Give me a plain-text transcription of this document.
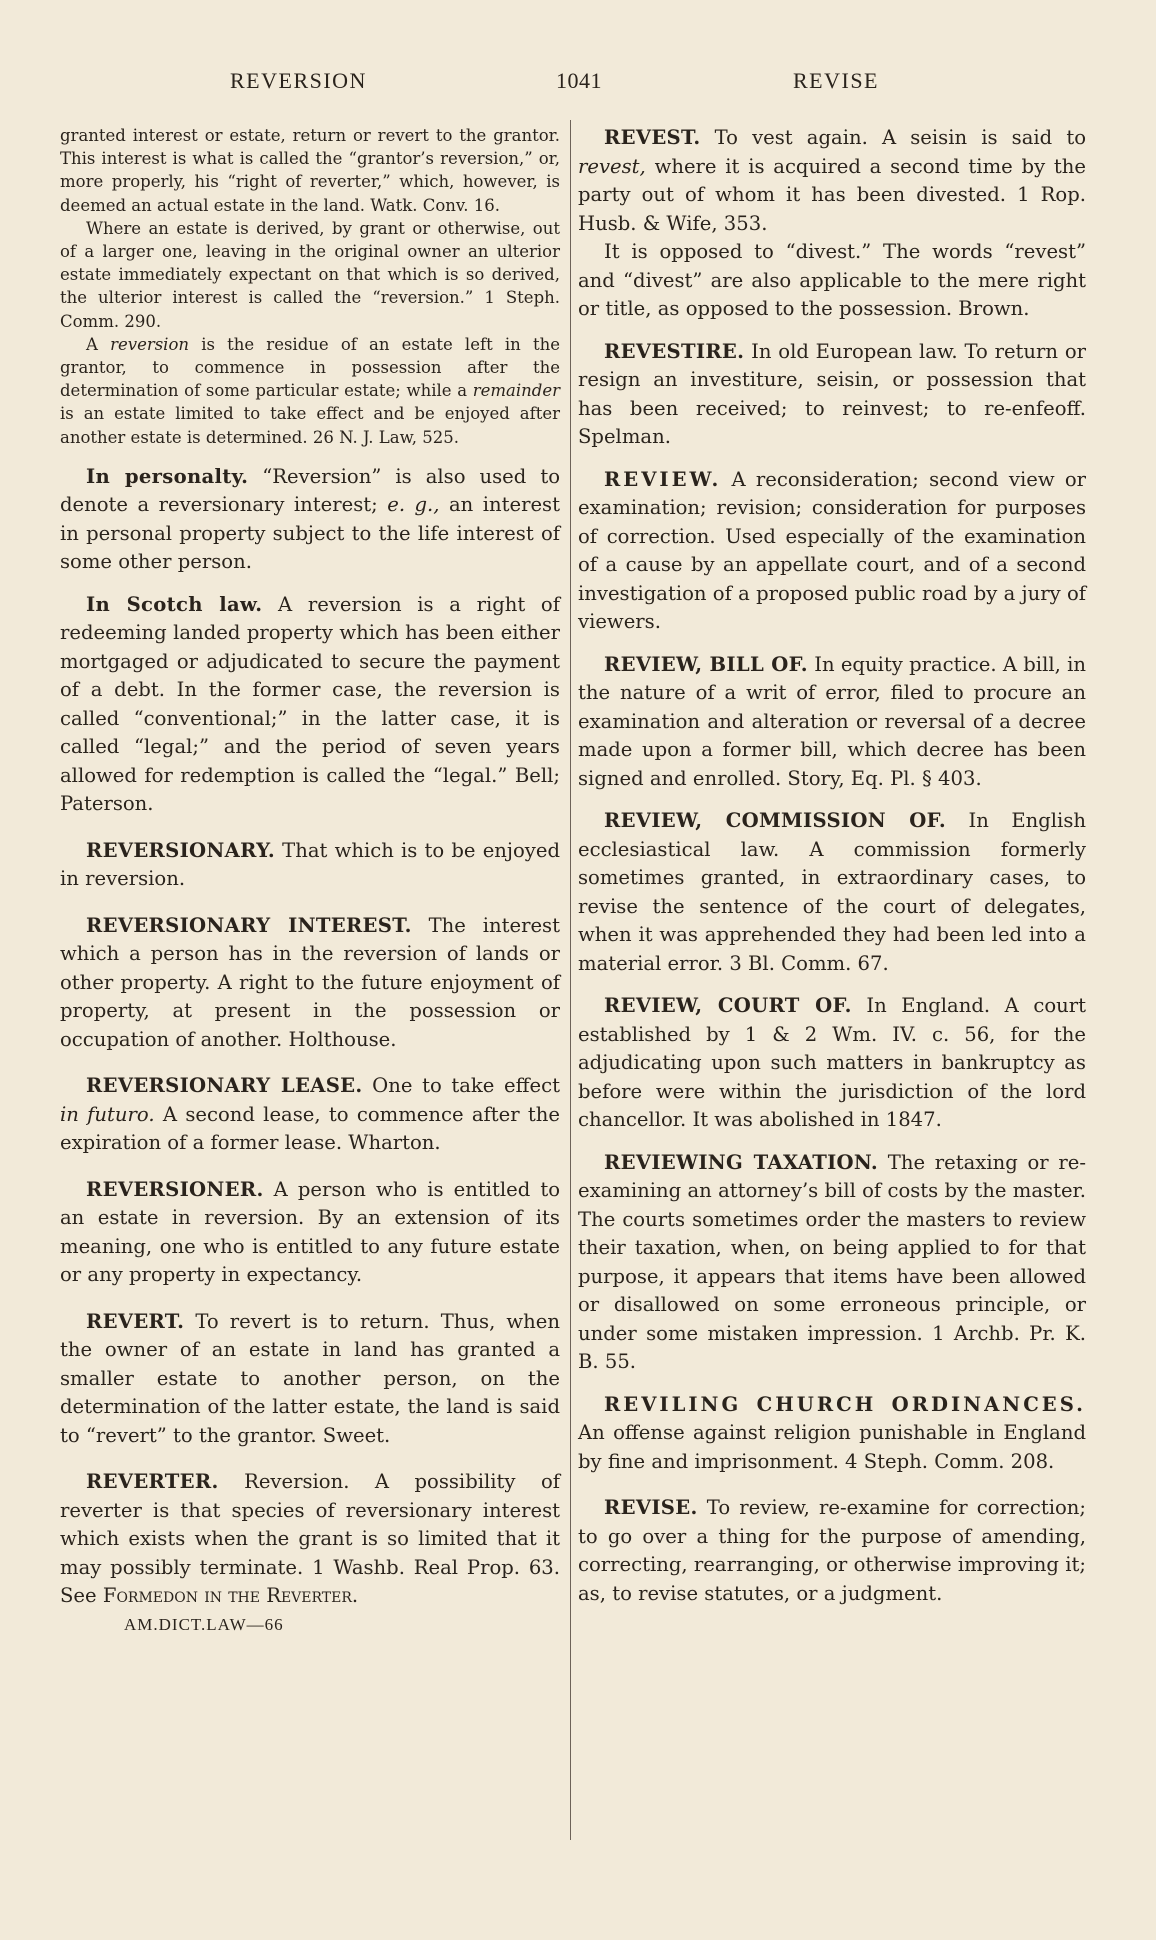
REVERSION	1041	REVISE

granted interest or estate, return or revert to the grantor. This interest is what is called the “grantor’s reversion,” or, more properly, his “right of reverter,” which, however, is deemed an actual estate in the land. Watk. Conv. 16.

Where an estate is derived, by grant or otherwise, out of a larger one, leaving in the original owner an ulterior estate immediately expectant on that which is so derived, the ulterior interest is called the “reversion.” 1 Steph. Comm. 290.

A reversion is the residue of an estate left in the grantor, to commence in possession after the determination of some particular estate; while a remainder is an estate limited to take effect and be enjoyed after another estate is determined. 26 N. J. Law, 525.

In personalty. “Reversion” is also used to denote a reversionary interest; e. g., an interest in personal property subject to the life interest of some other person.

In Scotch law. A reversion is a right of redeeming landed property which has been either mortgaged or adjudicated to secure the payment of a debt. In the former case, the reversion is called “conventional;” in the latter case, it is called “legal;” and the period of seven years allowed for redemption is called the “legal.” Bell; Paterson.

REVERSIONARY. That which is to be enjoyed in reversion.

REVERSIONARY INTEREST. The interest which a person has in the reversion of lands or other property. A right to the future enjoyment of property, at present in the possession or occupation of another. Holthouse.

REVERSIONARY LEASE. One to take effect in futuro. A second lease, to commence after the expiration of a former lease. Wharton.

REVERSIONER. A person who is entitled to an estate in reversion. By an extension of its meaning, one who is entitled to any future estate or any property in expectancy.

REVERT. To revert is to return. Thus, when the owner of an estate in land has granted a smaller estate to another person, on the determination of the latter estate, the land is said to “revert” to the grantor. Sweet.

REVERTER. Reversion. A possibility of reverter is that species of reversionary interest which exists when the grant is so limited that it may possibly terminate. 1 Washb. Real Prop. 63. See Formedon in the Reverter.

AM.DICT.LAW—66

REVEST. To vest again. A seisin is said to revest, where it is acquired a second time by the party out of whom it has been divested. 1 Rop. Husb. & Wife, 353.

It is opposed to “divest.” The words “revest” and “divest” are also applicable to the mere right or title, as opposed to the possession. Brown.

REVESTIRE. In old European law. To return or resign an investiture, seisin, or possession that has been received; to reinvest; to re-enfeoff. Spelman.

REVIEW. A reconsideration; second view or examination; revision; consideration for purposes of correction. Used especially of the examination of a cause by an appellate court, and of a second investigation of a proposed public road by a jury of viewers.

REVIEW, BILL OF. In equity practice. A bill, in the nature of a writ of error, filed to procure an examination and alteration or reversal of a decree made upon a former bill, which decree has been signed and enrolled. Story, Eq. Pl. § 403.

REVIEW, COMMISSION OF. In English ecclesiastical law. A commission formerly sometimes granted, in extraordinary cases, to revise the sentence of the court of delegates, when it was apprehended they had been led into a material error. 3 Bl. Comm. 67.

REVIEW, COURT OF. In England. A court established by 1 & 2 Wm. IV. c. 56, for the adjudicating upon such matters in bankruptcy as before were within the jurisdiction of the lord chancellor. It was abolished in 1847.

REVIEWING TAXATION. The retaxing or re-examining an attorney’s bill of costs by the master. The courts sometimes order the masters to review their taxation, when, on being applied to for that purpose, it appears that items have been allowed or disallowed on some erroneous principle, or under some mistaken impression. 1 Archb. Pr. K. B. 55.

REVILING CHURCH ORDINANCES. An offense against religion punishable in England by fine and imprisonment. 4 Steph. Comm. 208.

REVISE. To review, re-examine for correction; to go over a thing for the purpose of amending, correcting, rearranging, or otherwise improving it; as, to revise statutes, or a judgment.
